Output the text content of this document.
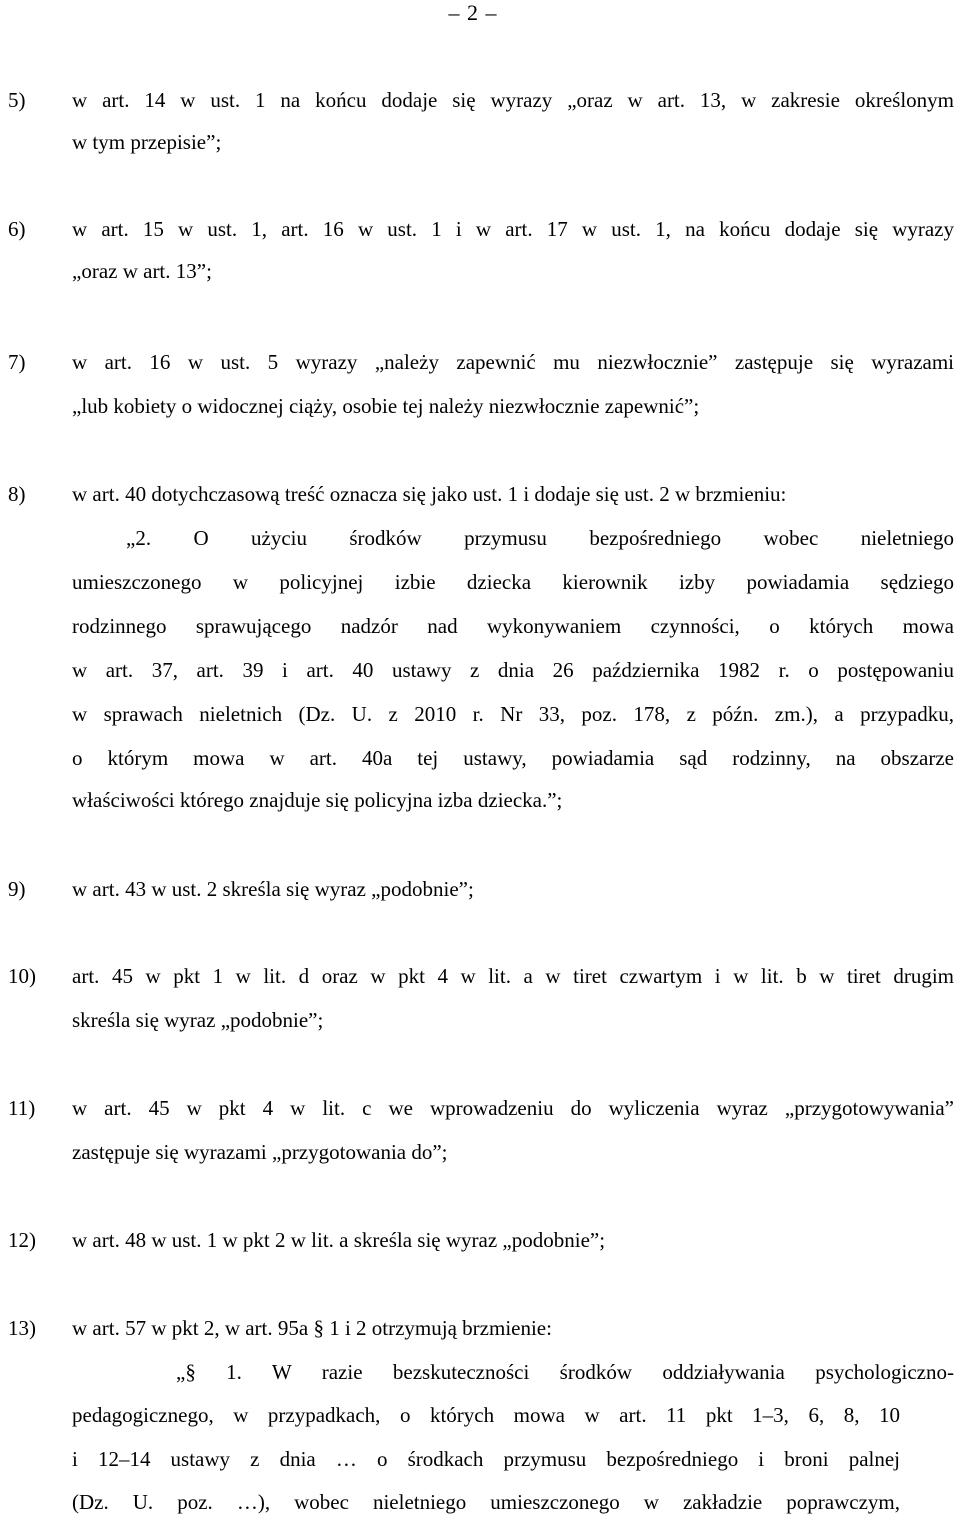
– 2 –
5) w art. 14 w ust. 1 na końcu dodaje się wyrazy „oraz w art. 13, w zakresie określonym
w tym przepisie”;
6) w art. 15 w ust. 1, art. 16 w ust. 1 i w art. 17 w ust. 1, na końcu dodaje się wyrazy
„oraz w art. 13”;
7) w art. 16 w ust. 5 wyrazy „należy zapewnić mu niezwłocznie” zastępuje się wyrazami
„lub kobiety o widocznej ciąży, osobie tej należy niezwłocznie zapewnić”;
8) w art. 40 dotychczasową treść oznacza się jako ust. 1 i dodaje się ust. 2 w brzmieniu:
„2. O użyciu środków przymusu bezpośredniego wobec nieletniego
umieszczonego w policyjnej izbie dziecka kierownik izby powiadamia sędziego
rodzinnego sprawującego nadzór nad wykonywaniem czynności, o których mowa
w art. 37, art. 39 i art. 40 ustawy z dnia 26 października 1982 r. o postępowaniu
w sprawach nieletnich (Dz. U. z 2010 r. Nr 33, poz. 178, z późn. zm.), a przypadku,
o którym mowa w art. 40a tej ustawy, powiadamia sąd rodzinny, na obszarze
właściwości którego znajduje się policyjna izba dziecka.”;
9) w art. 43 w ust. 2 skreśla się wyraz „podobnie”;
10) art. 45 w pkt 1 w lit. d oraz w pkt 4 w lit. a w tiret czwartym i w lit. b w tiret drugim
skreśla się wyraz „podobnie”;
11) w art. 45 w pkt 4 w lit. c we wprowadzeniu do wyliczenia wyraz „przygotowywania”
zastępuje się wyrazami „przygotowania do”;
12) w art. 48 w ust. 1 w pkt 2 w lit. a skreśla się wyraz „podobnie”;
13) w art. 57 w pkt 2, w art. 95a § 1 i 2 otrzymują brzmienie:
„§ 1. W razie bezskuteczności środków oddziaływania psychologiczno-
pedagogicznego, w przypadkach, o których mowa w art. 11 pkt 1–3, 6, 8, 10
i 12–14 ustawy z dnia … o środkach przymusu bezpośredniego i broni palnej
(Dz. U. poz. …), wobec nieletniego umieszczonego w zakładzie poprawczym,
